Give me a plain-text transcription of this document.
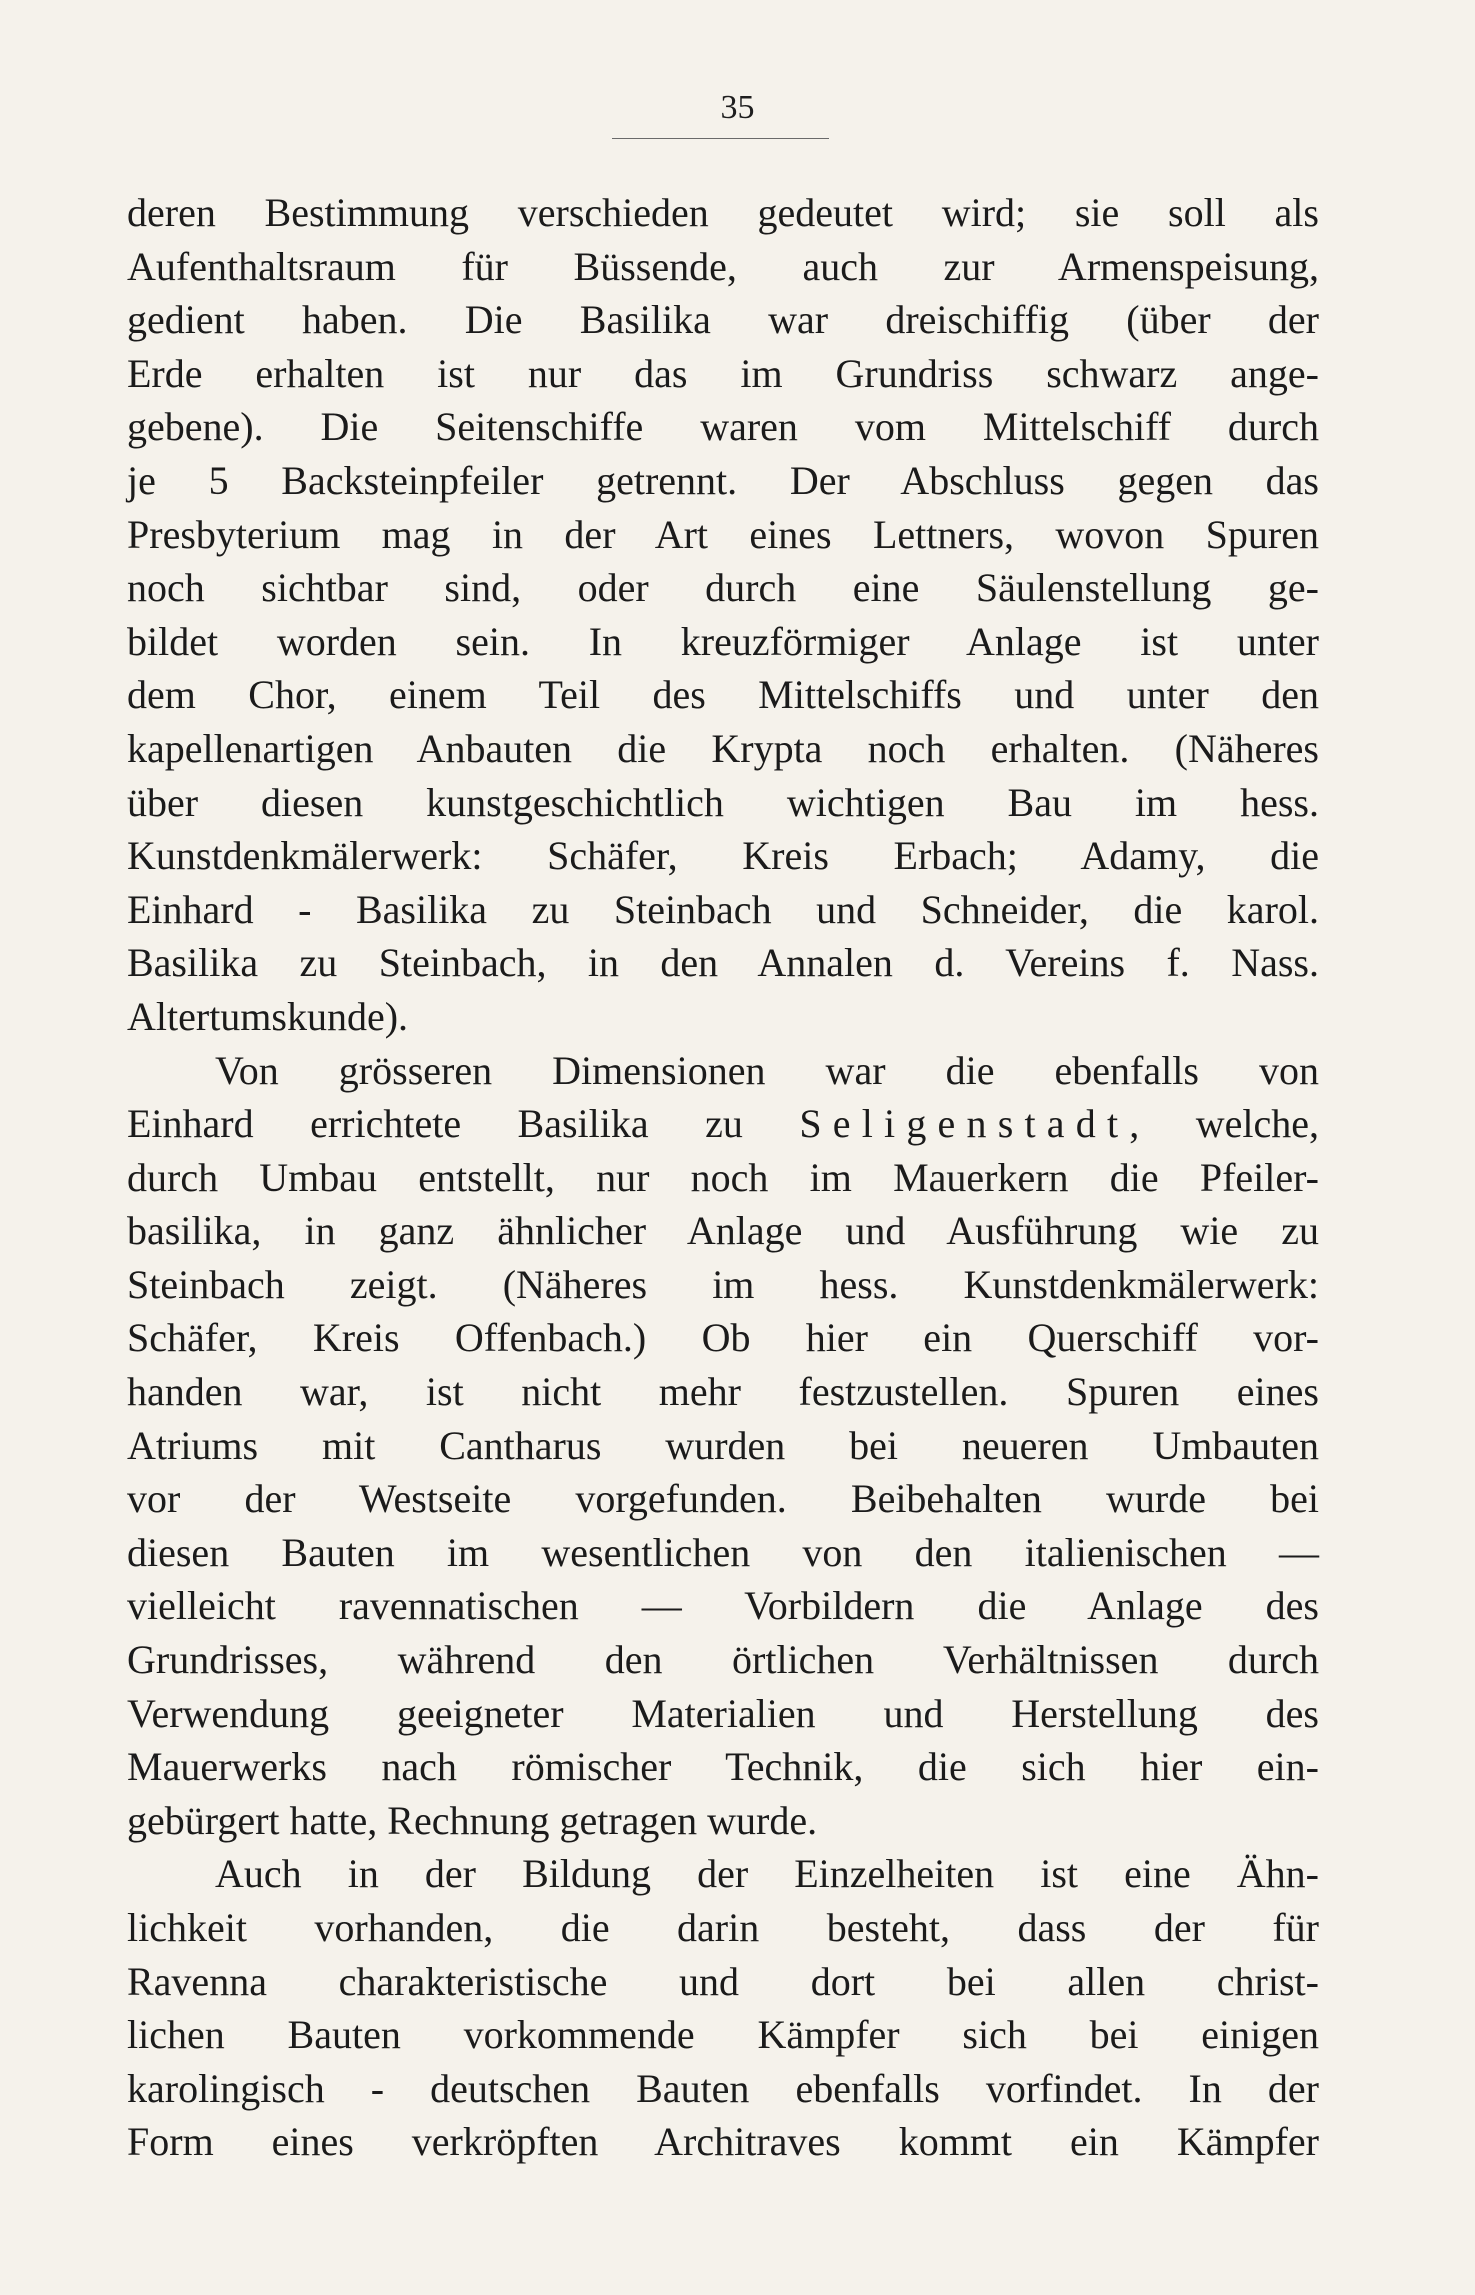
35
deren Bestimmung verschieden gedeutet wird; sie soll als
Aufenthaltsraum für Büssende, auch zur Armenspeisung,
gedient haben. Die Basilika war dreischiffig (über der
Erde erhalten ist nur das im Grundriss schwarz ange-
gebene). Die Seitenschiffe waren vom Mittelschiff durch
je 5 Backsteinpfeiler getrennt. Der Abschluss gegen das
Presbyterium mag in der Art eines Lettners, wovon Spuren
noch sichtbar sind, oder durch eine Säulenstellung ge-
bildet worden sein. In kreuzförmiger Anlage ist unter
dem Chor, einem Teil des Mittelschiffs und unter den
kapellenartigen Anbauten die Krypta noch erhalten. (Näheres
über diesen kunstgeschichtlich wichtigen Bau im hess.
Kunstdenkmälerwerk: Schäfer, Kreis Erbach; Adamy, die
Einhard - Basilika zu Steinbach und Schneider, die karol.
Basilika zu Steinbach, in den Annalen d. Vereins f. Nass.
Altertumskunde).
Von grösseren Dimensionen war die ebenfalls von
Einhard errichtete Basilika zu Seligenstadt, welche,
durch Umbau entstellt, nur noch im Mauerkern die Pfeiler-
basilika, in ganz ähnlicher Anlage und Ausführung wie zu
Steinbach zeigt. (Näheres im hess. Kunstdenkmälerwerk:
Schäfer, Kreis Offenbach.) Ob hier ein Querschiff vor-
handen war, ist nicht mehr festzustellen. Spuren eines
Atriums mit Cantharus wurden bei neueren Umbauten
vor der Westseite vorgefunden. Beibehalten wurde bei
diesen Bauten im wesentlichen von den italienischen —
vielleicht ravennatischen — Vorbildern die Anlage des
Grundrisses, während den örtlichen Verhältnissen durch
Verwendung geeigneter Materialien und Herstellung des
Mauerwerks nach römischer Technik, die sich hier ein-
gebürgert hatte, Rechnung getragen wurde.
Auch in der Bildung der Einzelheiten ist eine Ähn-
lichkeit vorhanden, die darin besteht, dass der für
Ravenna charakteristische und dort bei allen christ-
lichen Bauten vorkommende Kämpfer sich bei einigen
karolingisch - deutschen Bauten ebenfalls vorfindet. In der
Form eines verkröpften Architraves kommt ein Kämpfer
